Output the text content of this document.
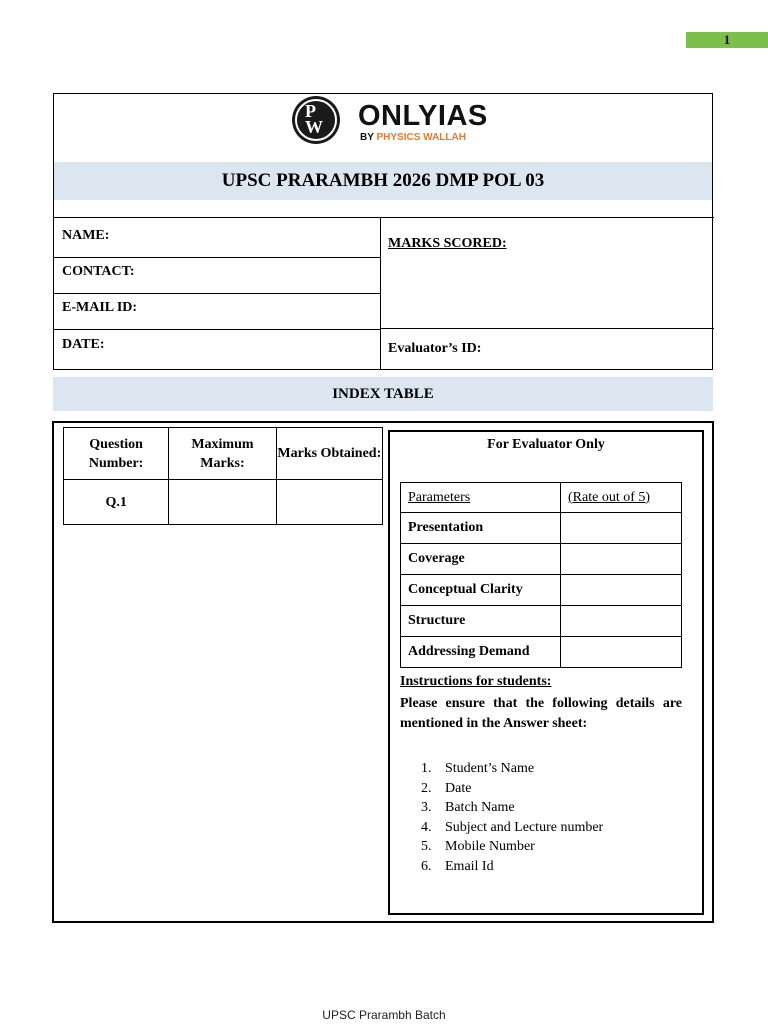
1
P
W ONLYIAS
BY PHYSICS WALLAH
UPSC PRARAMBH 2026 DMP POL 03
NAME:
CONTACT:
E-MAIL ID:
DATE:
MARKS SCORED:
Evaluator’s ID:
INDEX TABLE
Question Number:	Maximum Marks:	Marks Obtained:
Q.1		
For Evaluator Only
Parameters	(Rate out of 5)
Presentation	
Coverage	
Conceptual Clarity	
Structure	
Addressing Demand	
Instructions for students:
Please ensure that the following details are mentioned in the Answer sheet:
1. Student’s Name
2. Date
3. Batch Name
4. Subject and Lecture number
5. Mobile Number
6. Email Id
UPSC Prarambh Batch
